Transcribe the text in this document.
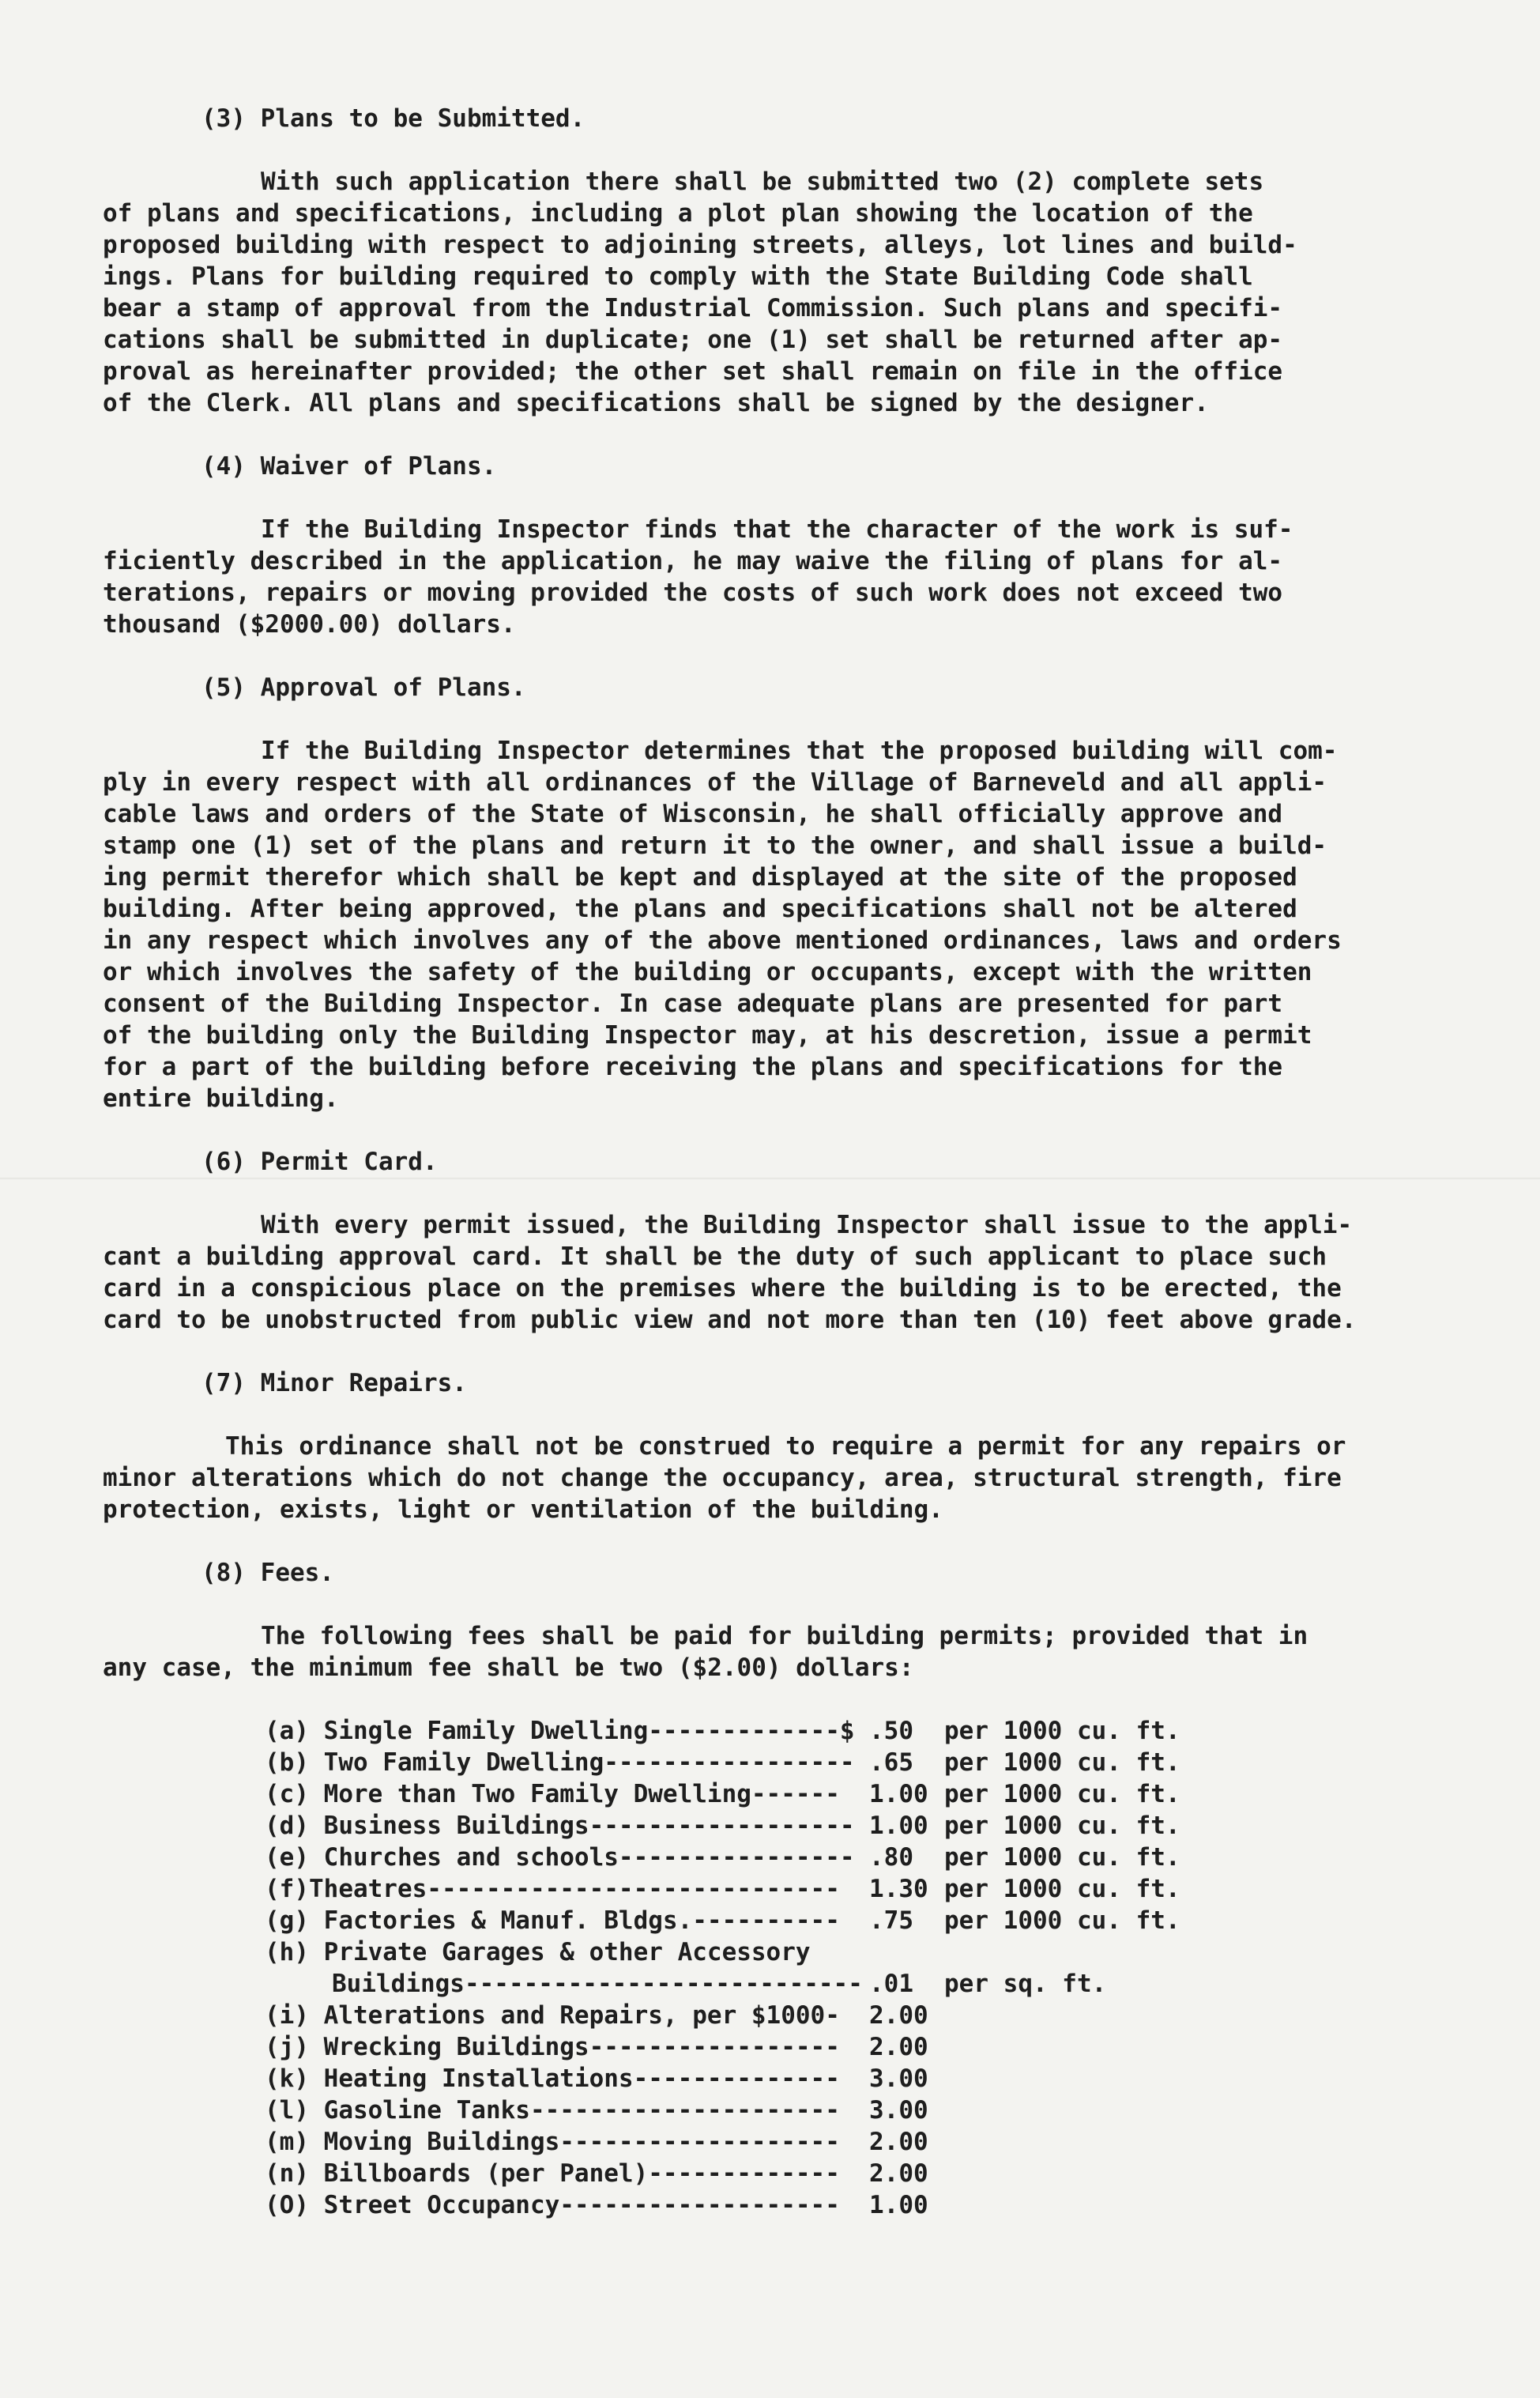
(3) Plans to be Submitted.
With such application there shall be submitted two (2) complete sets
of plans and specifications, including a plot plan showing the location of the
proposed building with respect to adjoining streets, alleys, lot lines and build-
ings. Plans for building required to comply with the State Building Code shall
bear a stamp of approval from the Industrial Commission. Such plans and specifi-
cations shall be submitted in duplicate; one (1) set shall be returned after ap-
proval as hereinafter provided; the other set shall remain on file in the office
of the Clerk. All plans and specifications shall be signed by the designer.
(4) Waiver of Plans.
If the Building Inspector finds that the character of the work is suf-
ficiently described in the application, he may waive the filing of plans for al-
terations, repairs or moving provided the costs of such work does not exceed two
thousand ($2000.00) dollars.
(5) Approval of Plans.
If the Building Inspector determines that the proposed building will com-
ply in every respect with all ordinances of the Village of Barneveld and all appli-
cable laws and orders of the State of Wisconsin, he shall officially approve and
stamp one (1) set of the plans and return it to the owner, and shall issue a build-
ing permit therefor which shall be kept and displayed at the site of the proposed
building. After being approved, the plans and specifications shall not be altered
in any respect which involves any of the above mentioned ordinances, laws and orders
or which involves the safety of the building or occupants, except with the written
consent of the Building Inspector. In case adequate plans are presented for part
of the building only the Building Inspector may, at his descretion, issue a permit
for a part of the building before receiving the plans and specifications for the
entire building.
(6) Permit Card.
With every permit issued, the Building Inspector shall issue to the appli-
cant a building approval card. It shall be the duty of such applicant to place such
card in a conspicious place on the premises where the building is to be erected, the
card to be unobstructed from public view and not more than ten (10) feet above grade.
(7) Minor Repairs.
This ordinance shall not be construed to require a permit for any repairs or
minor alterations which do not change the occupancy, area, structural strength, fire
protection, exists, light or ventilation of the building.
(8) Fees.
The following fees shall be paid for building permits; provided that in
any case, the minimum fee shall be two ($2.00) dollars:
(a) Single Family Dwelling-------------$ .50 per 1000 cu. ft.
(b) Two Family Dwelling----------------- .65 per 1000 cu. ft.
(c) More than Two Family Dwelling------ 1.00 per 1000 cu. ft.
(d) Business Buildings------------------ 1.00 per 1000 cu. ft.
(e) Churches and schools---------------- .80 per 1000 cu. ft.
(f)Theatres---------------------------- 1.30 per 1000 cu. ft.
(g) Factories & Manuf. Bldgs.---------- .75 per 1000 cu. ft.
(h) Private Garages & other Accessory
Buildings--------------------------- .01 per sq. ft.
(i) Alterations and Repairs, per $1000- 2.00
(j) Wrecking Buildings----------------- 2.00
(k) Heating Installations-------------- 3.00
(l) Gasoline Tanks--------------------- 3.00
(m) Moving Buildings------------------- 2.00
(n) Billboards (per Panel)------------- 2.00
(O) Street Occupancy------------------- 1.00
